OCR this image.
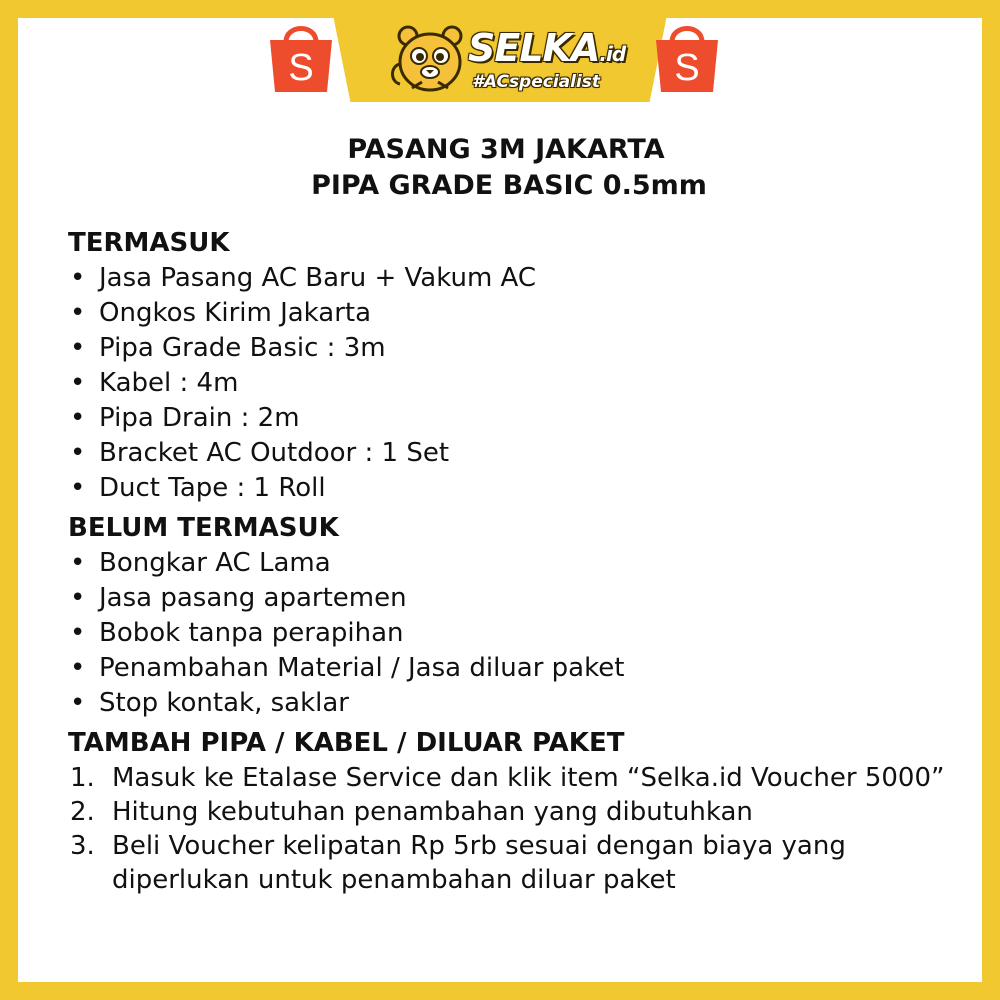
S	S
SELKA.id
#ACspecialist
PASANG 3M JAKARTA
PIPA GRADE BASIC 0.5mm
TERMASUK
• Jasa Pasang AC Baru + Vakum AC
• Ongkos Kirim Jakarta
• Pipa Grade Basic : 3m
• Kabel : 4m
• Pipa Drain : 2m
• Bracket AC Outdoor : 1 Set
• Duct Tape : 1 Roll
BELUM TERMASUK
• Bongkar AC Lama
• Jasa pasang apartemen
• Bobok tanpa perapihan
• Penambahan Material / Jasa diluar paket
• Stop kontak, saklar
TAMBAH PIPA / KABEL / DILUAR PAKET
1. Masuk ke Etalase Service dan klik item “Selka.id Voucher 5000”
2. Hitung kebutuhan penambahan yang dibutuhkan
3. Beli Voucher kelipatan Rp 5rb sesuai dengan biaya yang diperlukan untuk penambahan diluar paket
